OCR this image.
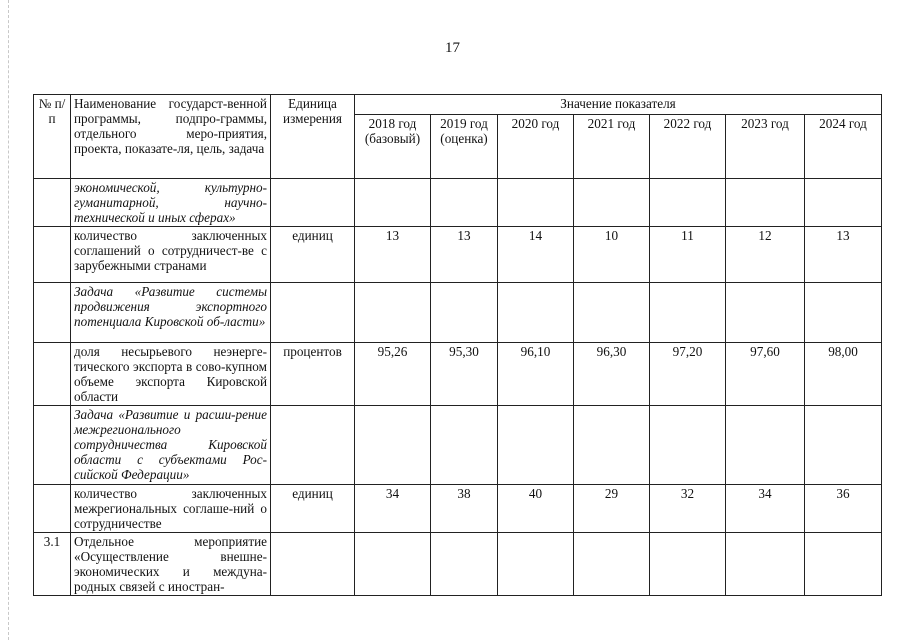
17
№ п/п	Наименование государст-венной программы, подпро-граммы, отдельного меро-приятия, проекта, показате-ля, цель, задача	Единица измерения	Значение показателя						
			2018 год (базовый)	2019 год (оценка)	2020 год	2021 год	2022 год	2023 год	2024 год
	экономической, культурно-гуманитарной, научно-технической и иных сферах»								
	количество заключенных соглашений о сотрудничест-ве с зарубежными странами	единиц	13	13	14	10	11	12	13
	Задача «Развитие системы продвижения экспортного потенциала Кировской об-ласти»								
	доля несырьевого неэнерге-тического экспорта в сово-купном объеме экспорта Кировской области	процентов	95,26	95,30	96,10	96,30	97,20	97,60	98,00
	Задача «Развитие и расши-рение межрегионального сотрудничества Кировской области с субъектами Рос-сийской Федерации»								
	количество заключенных межрегиональных соглаше-ний о сотрудничестве	единиц	34	38	40	29	32	34	36
3.1	Отдельное мероприятие «Осуществление внешне-экономических и междуна-родных связей с иностран-								
